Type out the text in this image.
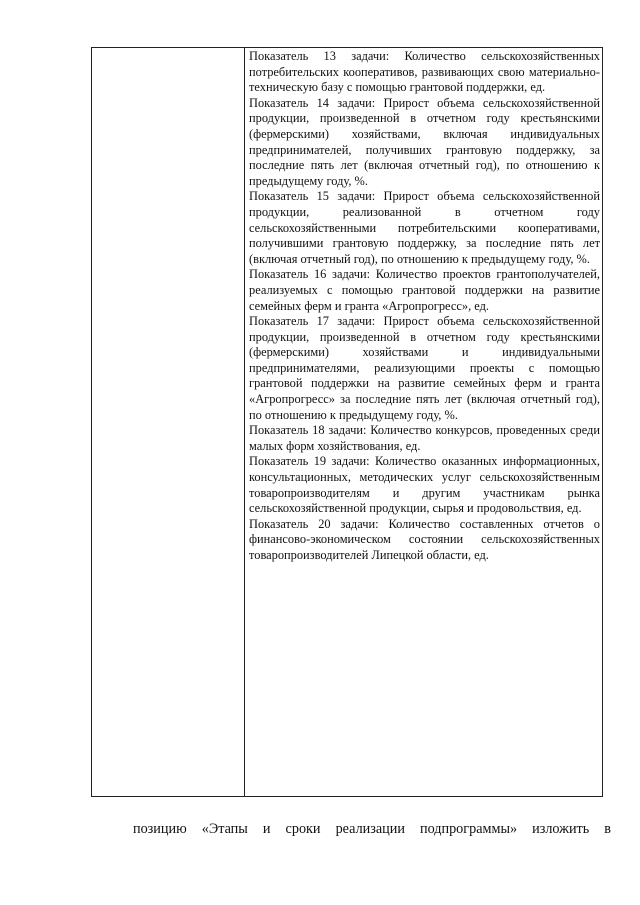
Показатель 13 задачи: Количество сельскохозяйственных потребительских кооперативов, развивающих свою материально-техническую базу с помощью грантовой поддержки, ед.

Показатель 14 задачи: Прирост объема сельскохозяйственной продукции, произведенной в отчетном году крестьянскими (фермерскими) хозяйствами, включая индивидуальных предпринимателей, получивших грантовую поддержку, за последние пять лет (включая отчетный год), по отношению к предыдущему году, %.

Показатель 15 задачи: Прирост объема сельскохозяйственной продукции, реализованной в отчетном году сельскохозяйственными потребительскими кооперативами, получившими грантовую поддержку, за последние пять лет (включая отчетный год), по отношению к предыдущему году, %.

Показатель 16 задачи: Количество проектов грантополучателей, реализуемых с помощью грантовой поддержки на развитие семейных ферм и гранта «Агропрогресс», ед.

Показатель 17 задачи: Прирост объема сельскохозяйственной продукции, произведенной в отчетном году крестьянскими (фермерскими) хозяйствами и индивидуальными предпринимателями, реализующими проекты с помощью грантовой поддержки на развитие семейных ферм и гранта «Агропрогресс» за последние пять лет (включая отчетный год), по отношению к предыдущему году, %.

Показатель 18 задачи: Количество конкурсов, проведенных среди малых форм хозяйствования, ед.

Показатель 19 задачи: Количество оказанных информационных, консультационных, методических услуг сельскохозяйственным товаропроизводителям и другим участникам рынка сельскохозяйственной продукции, сырья и продовольствия, ед.

Показатель 20 задачи: Количество составленных отчетов о финансово-экономическом состоянии сельскохозяйственных товаропроизводителей Липецкой области, ед.

позицию «Этапы и сроки реализации подпрограммы» изложить в
